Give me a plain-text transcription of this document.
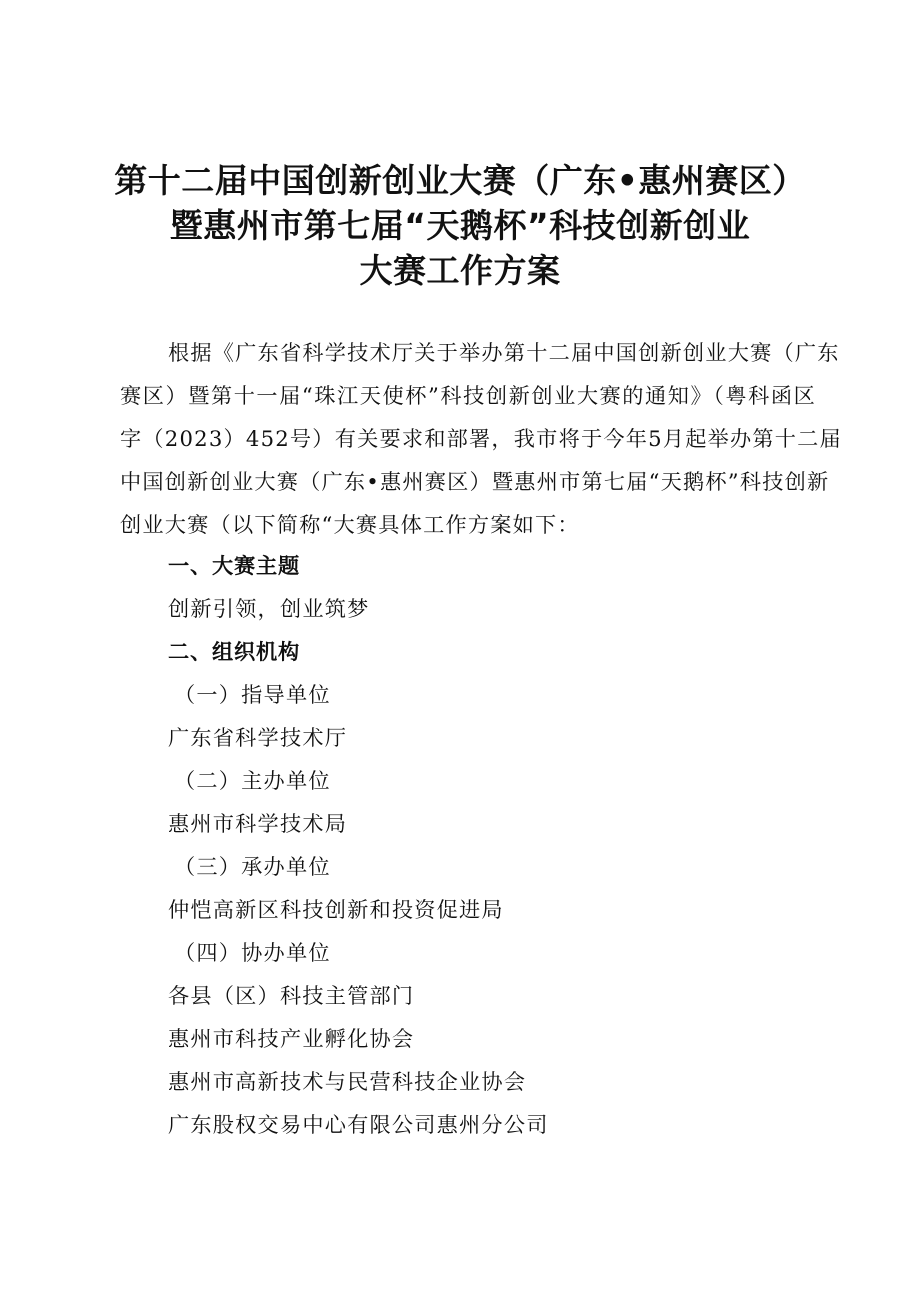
第十二届中国创新创业大赛（广东•惠州赛区）
暨惠州市第七届“天鹅杯”科技创新创业
大赛工作方案
根据《广东省科学技术厅关于举办第十二届中国创新创业大赛（广东
赛区）暨第十一届“珠江天使杯”科技创新创业大赛的通知》（粤科函区
字（2023）452号）有关要求和部署，我市将于今年5月起举办第十二届
中国创新创业大赛（广东•惠州赛区）暨惠州市第七届“天鹅杯”科技创新
创业大赛（以下简称“大赛具体工作方案如下：
一、大赛主题
创新引领，创业筑梦
二、组织机构
（一）指导单位
广东省科学技术厅
（二）主办单位
惠州市科学技术局
（三）承办单位
仲恺高新区科技创新和投资促进局
（四）协办单位
各县（区）科技主管部门
惠州市科技产业孵化协会
惠州市高新技术与民营科技企业协会
广东股权交易中心有限公司惠州分公司
